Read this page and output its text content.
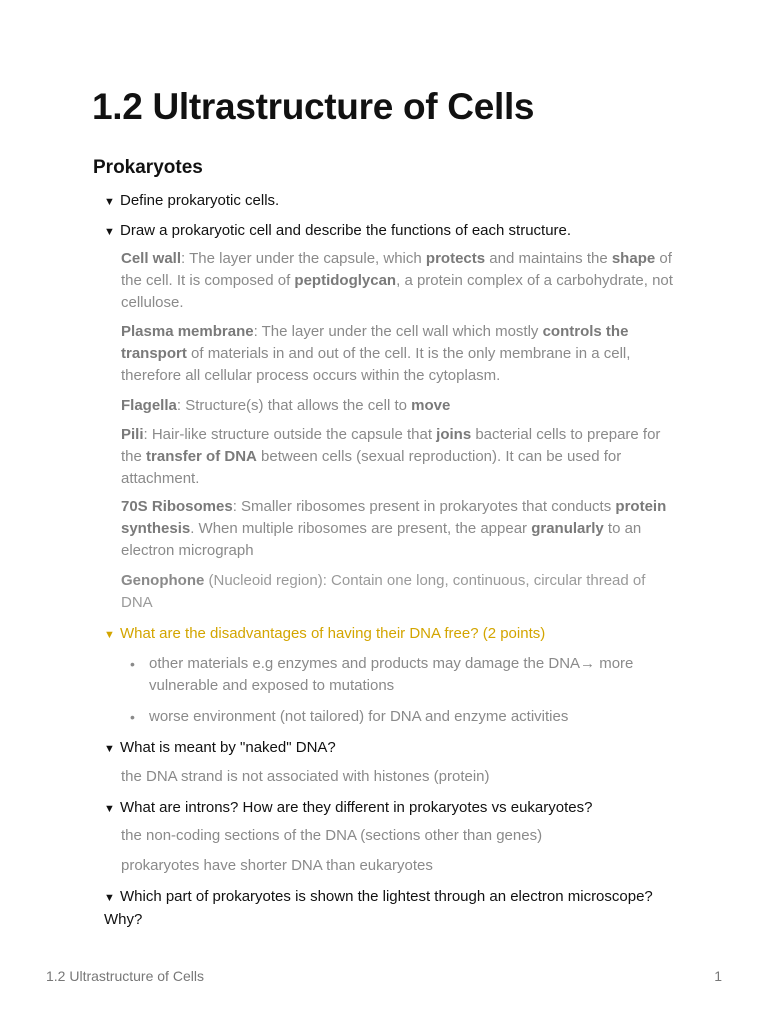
1.2 Ultrastructure of Cells
Prokaryotes
▼ Define prokaryotic cells.
▼ Draw a prokaryotic cell and describe the functions of each structure.
Cell wall: The layer under the capsule, which protects and maintains the shape of the cell. It is composed of peptidoglycan, a protein complex of a carbohydrate, not cellulose.
Plasma membrane: The layer under the cell wall which mostly controls the transport of materials in and out of the cell. It is the only membrane in a cell, therefore all cellular process occurs within the cytoplasm.
Flagella: Structure(s) that allows the cell to move
Pili: Hair-like structure outside the capsule that joins bacterial cells to prepare for the transfer of DNA between cells (sexual reproduction). It can be used for attachment.
70S Ribosomes: Smaller ribosomes present in prokaryotes that conducts protein synthesis. When multiple ribosomes are present, the appear granularly to an electron micrograph
Genophone (Nucleoid region): Contain one long, continuous, circular thread of DNA
▼ What are the disadvantages of having their DNA free? (2 points)
• other materials e.g enzymes and products may damage the DNA→ more vulnerable and exposed to mutations
• worse environment (not tailored) for DNA and enzyme activities
▼ What is meant by "naked" DNA?
the DNA strand is not associated with histones (protein)
▼ What are introns? How are they different in prokaryotes vs eukaryotes?
the non-coding sections of the DNA (sections other than genes)
prokaryotes have shorter DNA than eukaryotes
▼ Which part of prokaryotes is shown the lightest through an electron microscope? Why?
1.2 Ultrastructure of Cells	1
